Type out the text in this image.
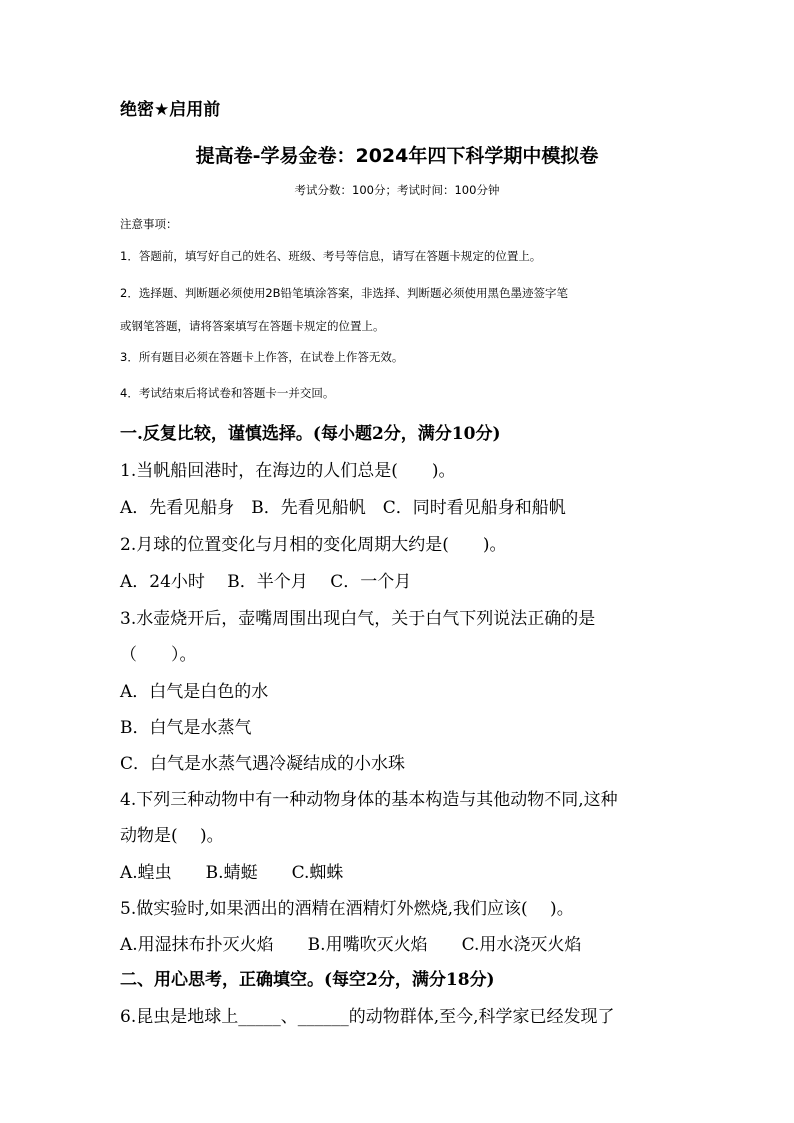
绝密★启用前
提高卷-学易金卷：2024年四下科学期中模拟卷
考试分数：100分；考试时间：100分钟
注意事项：
1．答题前，填写好自己的姓名、班级、考号等信息，请写在答题卡规定的位置上。
2．选择题、判断题必须使用2B铅笔填涂答案，非选择、判断题必须使用黑色墨迹签字笔
或钢笔答题，请将答案填写在答题卡规定的位置上。
3．所有题目必须在答题卡上作答，在试卷上作答无效。
4．考试结束后将试卷和答题卡一并交回。
一.反复比较，谨慎选择。(每小题2分，满分10分)
1.当帆船回港时，在海边的人们总是(　　)。
A．先看见船身　B．先看见船帆　C．同时看见船身和船帆
2.月球的位置变化与月相的变化周期大约是(　　)。
A．24小时　 B．半个月　 C．一个月
3.水壶烧开后，壶嘴周围出现白气，关于白气下列说法正确的是
（　　）。
A．白气是白色的水
B．白气是水蒸气
C．白气是水蒸气遇冷凝结成的小水珠
4.下列三种动物中有一种动物身体的基本构造与其他动物不同,这种
动物是(　 )。
A.蝗虫　　B.蜻蜓　　C.蜘蛛
5.做实验时,如果洒出的酒精在酒精灯外燃烧,我们应该(　 )。
A.用湿抹布扑灭火焰　　B.用嘴吹灭火焰　　C.用水浇灭火焰
二、用心思考，正确填空。(每空2分，满分18分)
6.昆虫是地球上_____、______的动物群体,至今,科学家已经发现了
